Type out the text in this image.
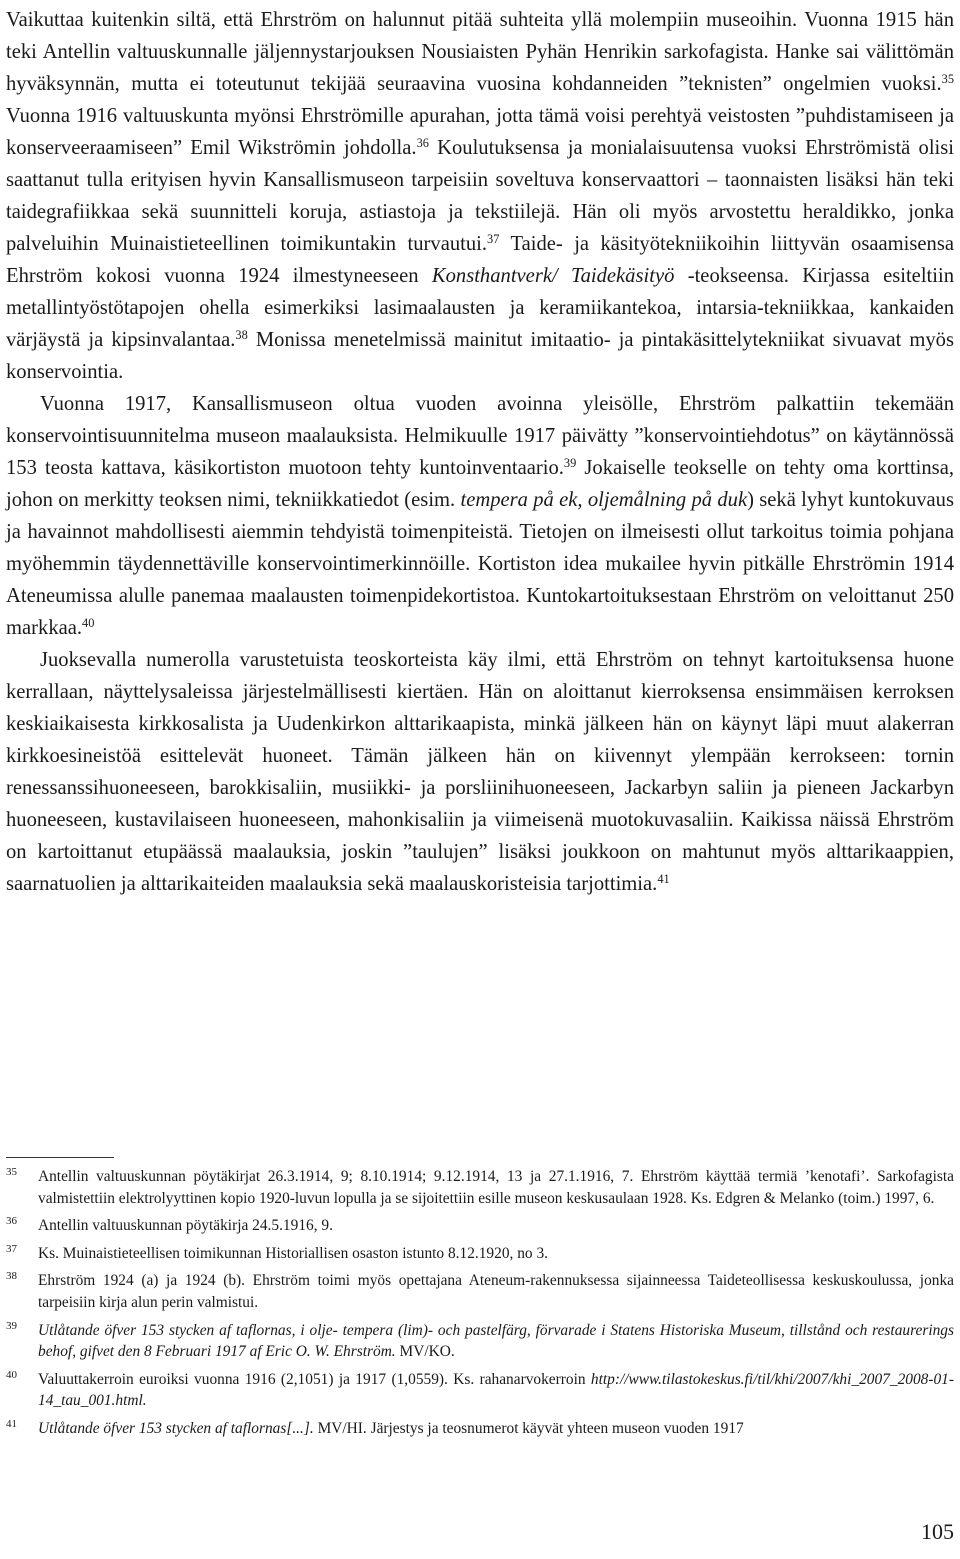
Vaikuttaa kuitenkin siltä, että Ehrström on halunnut pitää suhteita yllä molempiin museoihin. Vuonna 1915 hän teki Antellin valtuuskunnalle jäljennystarjouksen Nousiaisten Pyhän Henrikin sarkofagista. Hanke sai välittömän hyväksynnän, mutta ei toteutunut tekijää seuraavina vuosina kohdanneiden ”teknisten” ongelmien vuoksi.$^{35}$ Vuonna 1916 valtuuskunta myönsi Ehrströmille apurahan, jotta tämä voisi perehtyä veistosten ”puhdistamiseen ja konserveeraamiseen” Emil Wikströmin johdolla.$^{36}$ Koulutuksensa ja monialaisuutensa vuoksi Ehrströmistä olisi saattanut tulla erityisen hyvin Kansallismuseon tarpeisiin soveltuva konservaattori – taonnaisten lisäksi hän teki taidegrafiikkaa sekä suunnitteli koruja, astiastoja ja tekstiilejä. Hän oli myös arvostettu heraldikko, jonka palveluihin Muinaistieteellinen toimikuntakin turvautui.$^{37}$ Taide- ja käsityötekniikoihin liittyvän osaamisensa Ehrström kokosi vuonna 1924 ilmestyneeseen Konsthantverk/ Taidekäsityö -teokseensa. Kirjassa esiteltiin metallintyöstötapojen ohella esimerkiksi lasimaalausten ja keramiikantekoa, intarsia-tekniikkaa, kankaiden värjäystä ja kipsinvalantaa.$^{38}$ Monissa menetelmissä mainitut imitaatio- ja pintakäsittelytekniikat sivuavat myös konservointia.

Vuonna 1917, Kansallismuseon oltua vuoden avoinna yleisölle, Ehrström palkattiin tekemään konservointisuunnitelma museon maalauksista. Helmikuulle 1917 päivätty ”konservointiehdotus” on käytännössä 153 teosta kattava, käsikortiston muotoon tehty kuntoinventaario.$^{39}$ Jokaiselle teokselle on tehty oma korttinsa, johon on merkitty teoksen nimi, tekniikkatiedot (esim. tempera på ek, oljemålning på duk) sekä lyhyt kuntokuvaus ja havainnot mahdollisesti aiemmin tehdyistä toimenpiteistä. Tietojen on ilmeisesti ollut tarkoitus toimia pohjana myöhemmin täydennettäville konservointimerkinnöille. Kortiston idea mukailee hyvin pitkälle Ehrströmin 1914 Ateneumissa alulle panemaa maalausten toimenpidekortistoa. Kuntokartoituksestaan Ehrström on veloittanut 250 markkaa.$^{40}$

Juoksevalla numerolla varustetuista teoskorteista käy ilmi, että Ehrström on tehnyt kartoituksensa huone kerrallaan, näyttelysaleissa järjestelmällisesti kiertäen. Hän on aloittanut kierroksensa ensimmäisen kerroksen keskiaikaisesta kirkkosalista ja Uudenkirkon alttarikaapista, minkä jälkeen hän on käynyt läpi muut alakerran kirkkoesineistöä esittelevät huoneet. Tämän jälkeen hän on kiivennyt ylempään kerrokseen: tornin renessanssihuoneeseen, barokkisaliin, musiikki- ja porsliinihuoneeseen, Jackarbyn saliin ja pieneen Jackarbyn huoneeseen, kustavilaiseen huoneeseen, mahonkisaliin ja viimeisenä muotokuvasaliin. Kaikissa näissä Ehrström on kartoittanut etupäässä maalauksia, joskin ”taulujen” lisäksi joukkoon on mahtunut myös alttarikaappien, saarnatuolien ja alttarikaiteiden maalauksia sekä maalauskoristeisia tarjottimia.$^{41}$

35 Antellin valtuuskunnan pöytäkirjat 26.3.1914, 9; 8.10.1914; 9.12.1914, 13 ja 27.1.1916, 7. Ehrström käyttää termiä ’kenotafi’. Sarkofagista valmistettiin elektrolyyttinen kopio 1920-luvun lopulla ja se sijoitettiin esille museon keskusaulaan 1928. Ks. Edgren & Melanko (toim.) 1997, 6.
36 Antellin valtuuskunnan pöytäkirja 24.5.1916, 9.
37 Ks. Muinaistieteellisen toimikunnan Historiallisen osaston istunto 8.12.1920, no 3.
38 Ehrström 1924 (a) ja 1924 (b). Ehrström toimi myös opettajana Ateneum-rakennuksessa sijainneessa Taideteollisessa keskuskoulussa, jonka tarpeisiin kirja alun perin valmistui.
39 Utlåtande öfver 153 stycken af taflornas, i olje- tempera (lim)- och pastelfärg, förvarade i Statens Historiska Museum, tillstånd och restaurerings behof, gifvet den 8 Februari 1917 af Eric O. W. Ehrström. MV/KO.
40 Valuuttakerroin euroiksi vuonna 1916 (2,1051) ja 1917 (1,0559). Ks. rahanarvokerroin http://www.tilastokeskus.fi/til/khi/2007/khi_2007_2008-01-14_tau_001.html.
41 Utlåtande öfver 153 stycken af taflornas[...]. MV/HI. Järjestys ja teosnumerot käyvät yhteen museon vuoden 1917
105
